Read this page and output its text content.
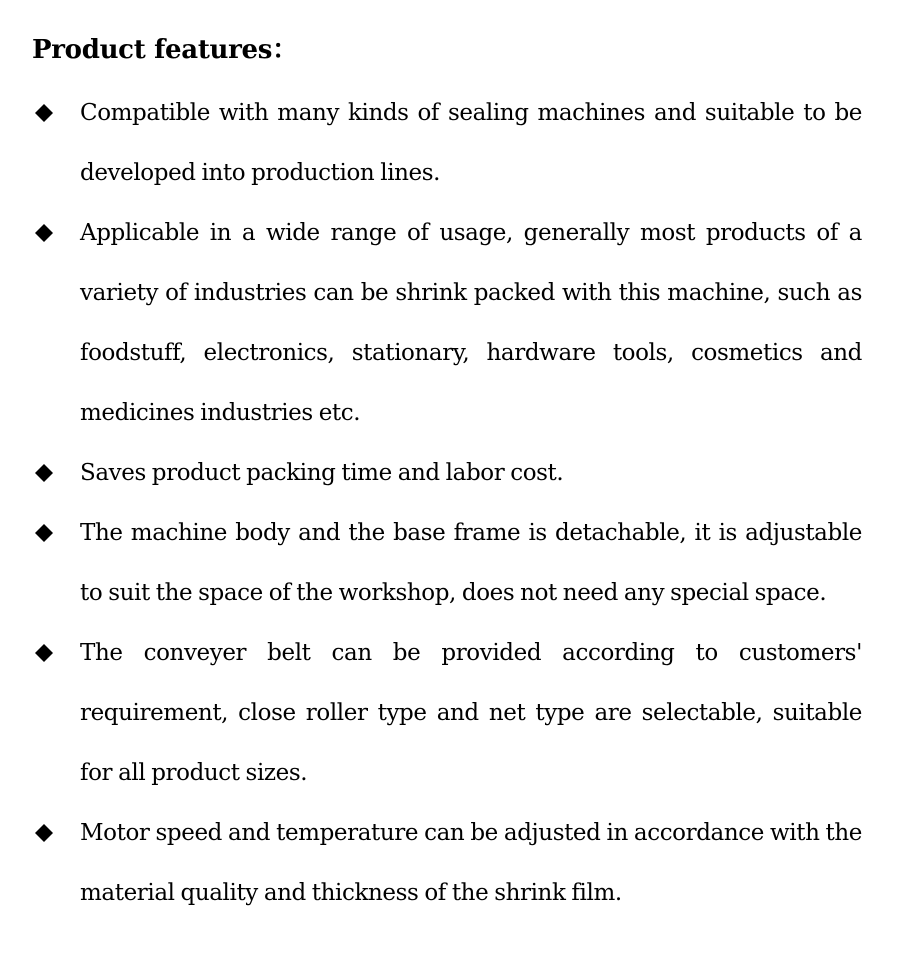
Product features：
Compatible with many kinds of sealing machines and suitable to be developed into production lines.
Applicable in a wide range of usage, generally most products of a variety of industries can be shrink packed with this machine, such as foodstuff, electronics, stationary, hardware tools, cosmetics and medicines industries etc.
Saves product packing time and labor cost.
The machine body and the base frame is detachable, it is adjustable to suit the space of the workshop, does not need any special space.
The conveyer belt can be provided according to customers' requirement, close roller type and net type are selectable, suitable for all product sizes.
Motor speed and temperature can be adjusted in accordance with the material quality and thickness of the shrink film.
